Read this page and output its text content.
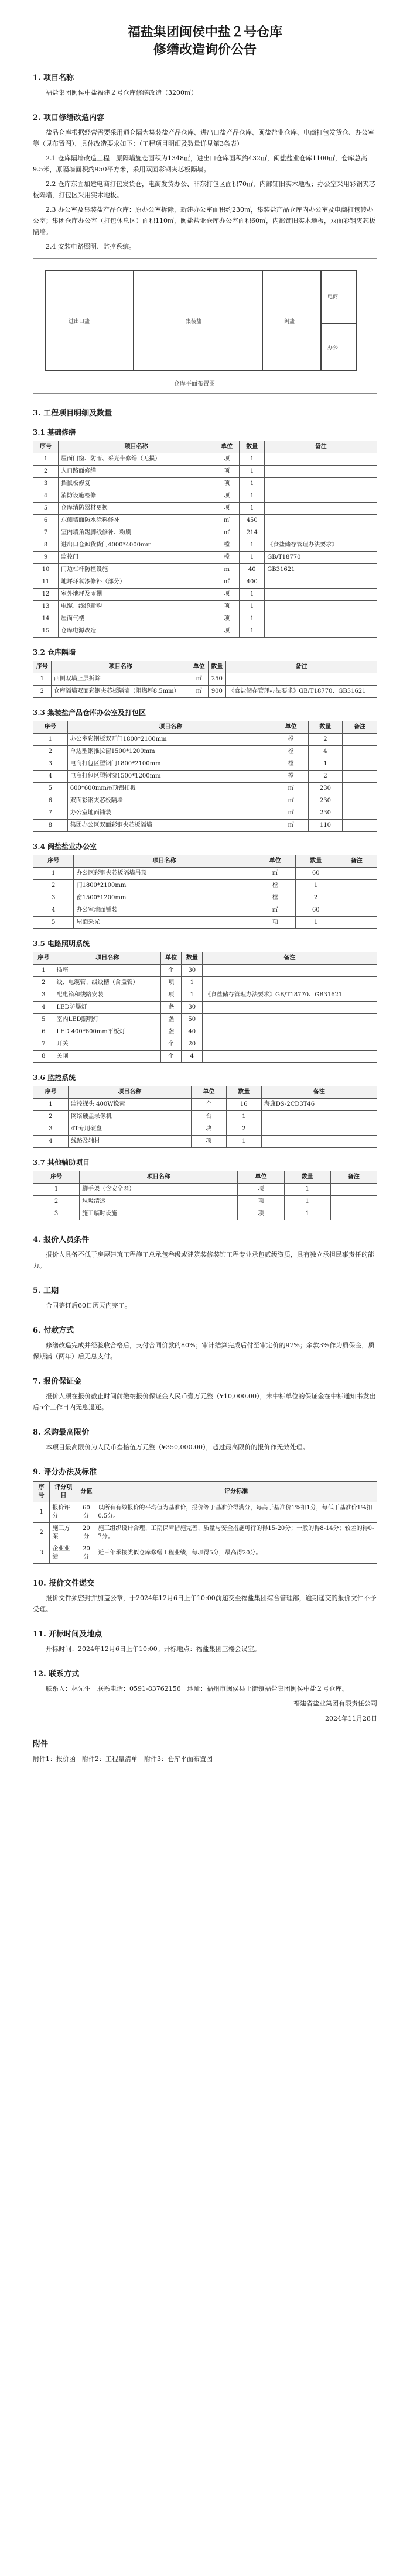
福盐集团闽侯中盐２号仓库
修缮改造询价公告
1. 项目名称

福盐集团闽侯中盐福建２号仓库修缮改造（3200㎡）

2. 项目修缮改造内容

盐品仓库根据经营需要采用通仓隔为集装盐产品仓库、进出口盐产品仓库、闽盐盐业仓库、电商打包发货仓、办公室等（见布置图），具体改造要求如下：（工程项目明细及数量详见第3条表）

2.1 仓库隔墙改造工程：原隔墙施仓面积为1348㎡，进出口仓库面积约432㎡，闽盐盐业仓库1100㎡，仓库总高9.5米，原隔墙面积约950平方米，采用双面彩钢夹芯板隔墙。

2.2 仓库东面加建电商打包发货仓，电商发货办公、非东打包区面积70㎡，内部铺旧实木地板；办公室采用彩钢夹芯板隔墙，打包区采用实木地板。

2.3 办公室及集装盐产品仓库：原办公室拆除，新建办公室面积约230㎡，集装盐产品仓库内办公室及电商打包转办公室；集团仓库办公室（打包休息区）面积110㎡，闽盐盐业仓库办公室面积60㎡，内部铺旧实木地板，双面彩钢夹芯板隔墙。

2.4 安装电路照明、监控系统。

进出口盐	集装盐	闽盐
电商
办公
仓库平面布置图
3. 工程项目明细及数量
3.1 基础修缮
序号	项目名称	单位	数量	备注
1	屋面门窗、防雨、采光带修缮（无损）	项	1	
2	入口路面修缮	项	1	
3	挡鼠板修复	项	1	
4	消防设施检修	项	1	
5	仓库消防器材更换	项	1	
6	东侧墙面防水涂料修补	㎡	450	
7	室内墙角踢脚线修补、粉刷	㎡	214	
8	进出口仓卸货货门4000*4000mm	樘	1	《食盐储存管理办法要求》
9	监控门	樘	1	GB/T18770
10	门边栏杆防撞设施	m	40	GB31621
11	地坪环氧漆修补（部分）	㎡	400	
12	室外地坪及雨棚	项	1	
13	电缆、线缆新购	项	1	
14	屋面气楼	项	1	
15	仓库电源改造	项	1	
3.2 仓库隔墙
序号	项目名称	单位	数量	备注
1	西侧双墙上层拆除	㎡	250	
2	仓库隔墙双面彩钢夹芯板隔墙（阻燃厚8.5mm）	㎡	900	《食盐储存管理办法要求》GB/T18770、GB31621
3.3 集装盐产品仓库办公室及打包区
序号	项目名称	单位	数量	备注
1	办公室彩钢板双开门1800*2100mm	樘	2	
2	单边塑钢推拉窗1500*1200mm	樘	4	
3	电商打包区塑钢门1800*2100mm	樘	1	
4	电商打包区塑钢窗1500*1200mm	樘	2	
5	600*600mm吊顶铝扣板	㎡	230	
6	双面彩钢夹芯板隔墙	㎡	230	
7	办公室地面铺装	㎡	230	
8	集团办公区双面彩钢夹芯板隔墙	㎡	110	
3.4 闽盐盐业办公室
序号	项目名称	单位	数量	备注
1	办公区彩钢夹芯板隔墙吊顶	㎡	60	
2	门1800*2100mm	樘	1	
3	窗1500*1200mm	樘	2	
4	办公室地面铺装	㎡	60	
5	屋面采光	项	1	
3.5 电路照明系统
序号	项目名称	单位	数量	备注
1	插座	个	30	
2	线、电缆管、线线槽（含盖管）	项	1	
3	配电箱和线路安装	项	1	《食盐储存管理办法要求》GB/T18770、GB31621
4	LED防爆灯	盏	30	
5	室内LED照明灯	盏	50	
6	LED 400*600mm平板灯	盏	40	
7	开关	个	20	
8	关闸	个	4	
3.6 监控系统
序号	项目名称	单位	数量	备注
1	监控探头 400W像素	个	16	海康DS-2CD3T46
2	网络硬盘录像机	台	1	
3	4T专用硬盘	块	2	
4	线路及辅材	项	1	
3.7 其他辅助项目
序号	项目名称	单位	数量	备注
1	脚手架（含安全网）	项	1	
2	垃圾清运	项	1	
3	施工临时设施	项	1	
4. 报价人员条件

报价人具备不低于房屋建筑工程施工总承包叁级或建筑装修装饰工程专业承包贰级资质，具有独立承担民事责任的能力。

5. 工期

合同签订后60日历天内完工。

6. 付款方式

修缮改造完成并经验收合格后，支付合同价款的80%；审计结算完成后付至审定价的97%；余款3%作为质保金，质保期满（两年）后无息支付。

7. 报价保证金

报价人须在报价截止时间前缴纳报价保证金人民币壹万元整（¥10,000.00），未中标单位的保证金在中标通知书发出后5个工作日内无息退还。

8. 采购最高限价

本项目最高限价为人民币叁拾伍万元整（¥350,000.00），超过最高限价的报价作无效处理。

9. 评分办法及标准
序号	评分项目	分值	评分标准
1	报价评分	60分	以所有有效报价的平均值为基准价，报价等于基准价得满分，每高于基准价1%扣1分，每低于基准价1%扣0.5分。
2	施工方案	20分	施工组织设计合理、工期保障措施完善、质量与安全措施可行的得15-20分；一般的得8-14分；较差的得0-7分。
3	企业业绩	20分	近三年承接类似仓库修缮工程业绩，每项得5分，最高得20分。
10. 报价文件递交

报价文件须密封并加盖公章，于2024年12月6日上午10:00前递交至福盐集团综合管理部，逾期递交的报价文件不予受理。

11. 开标时间及地点

开标时间：2024年12月6日上午10:00。开标地点：福盐集团三楼会议室。

12. 联系方式

联系人：林先生　联系电话：0591-83762156　地址：福州市闽侯县上街镇福盐集团闽侯中盐２号仓库。

福建省盐业集团有限责任公司
2024年11月28日
附件

附件1：报价函　附件2：工程量清单　附件3：仓库平面布置图
